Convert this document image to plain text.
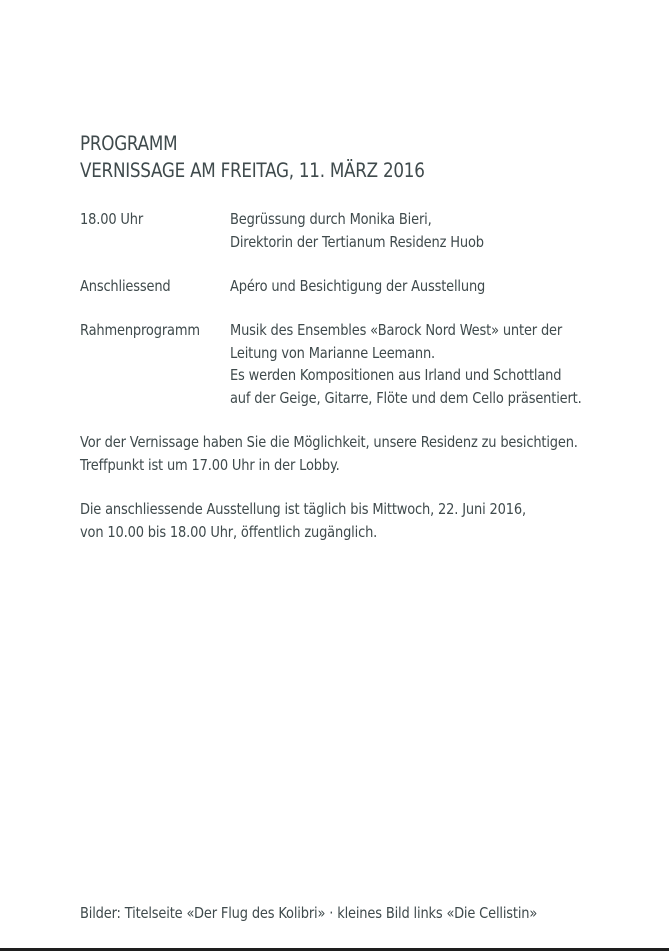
PROGRAMM
VERNISSAGE AM FREITAG, 11. MÄRZ 2016
18.00 Uhr	Begrüssung durch Monika Bieri,
Direktorin der Tertianum Residenz Huob
Anschliessend	Apéro und Besichtigung der Ausstellung
Rahmenprogramm Musik des Ensembles «Barock Nord West» unter der
Leitung von Marianne Leemann.
Es werden Kompositionen aus Irland und Schottland
auf der Geige, Gitarre, Flöte und dem Cello präsentiert.
Vor der Vernissage haben Sie die Möglichkeit, unsere Residenz zu besichtigen.
Treffpunkt ist um 17.00 Uhr in der Lobby.
Die anschliessende Ausstellung ist täglich bis Mittwoch, 22. Juni 2016,
von 10.00 bis 18.00 Uhr, öffentlich zugänglich.
Bilder: Titelseite «Der Flug des Kolibri» · kleines Bild links «Die Cellistin»
